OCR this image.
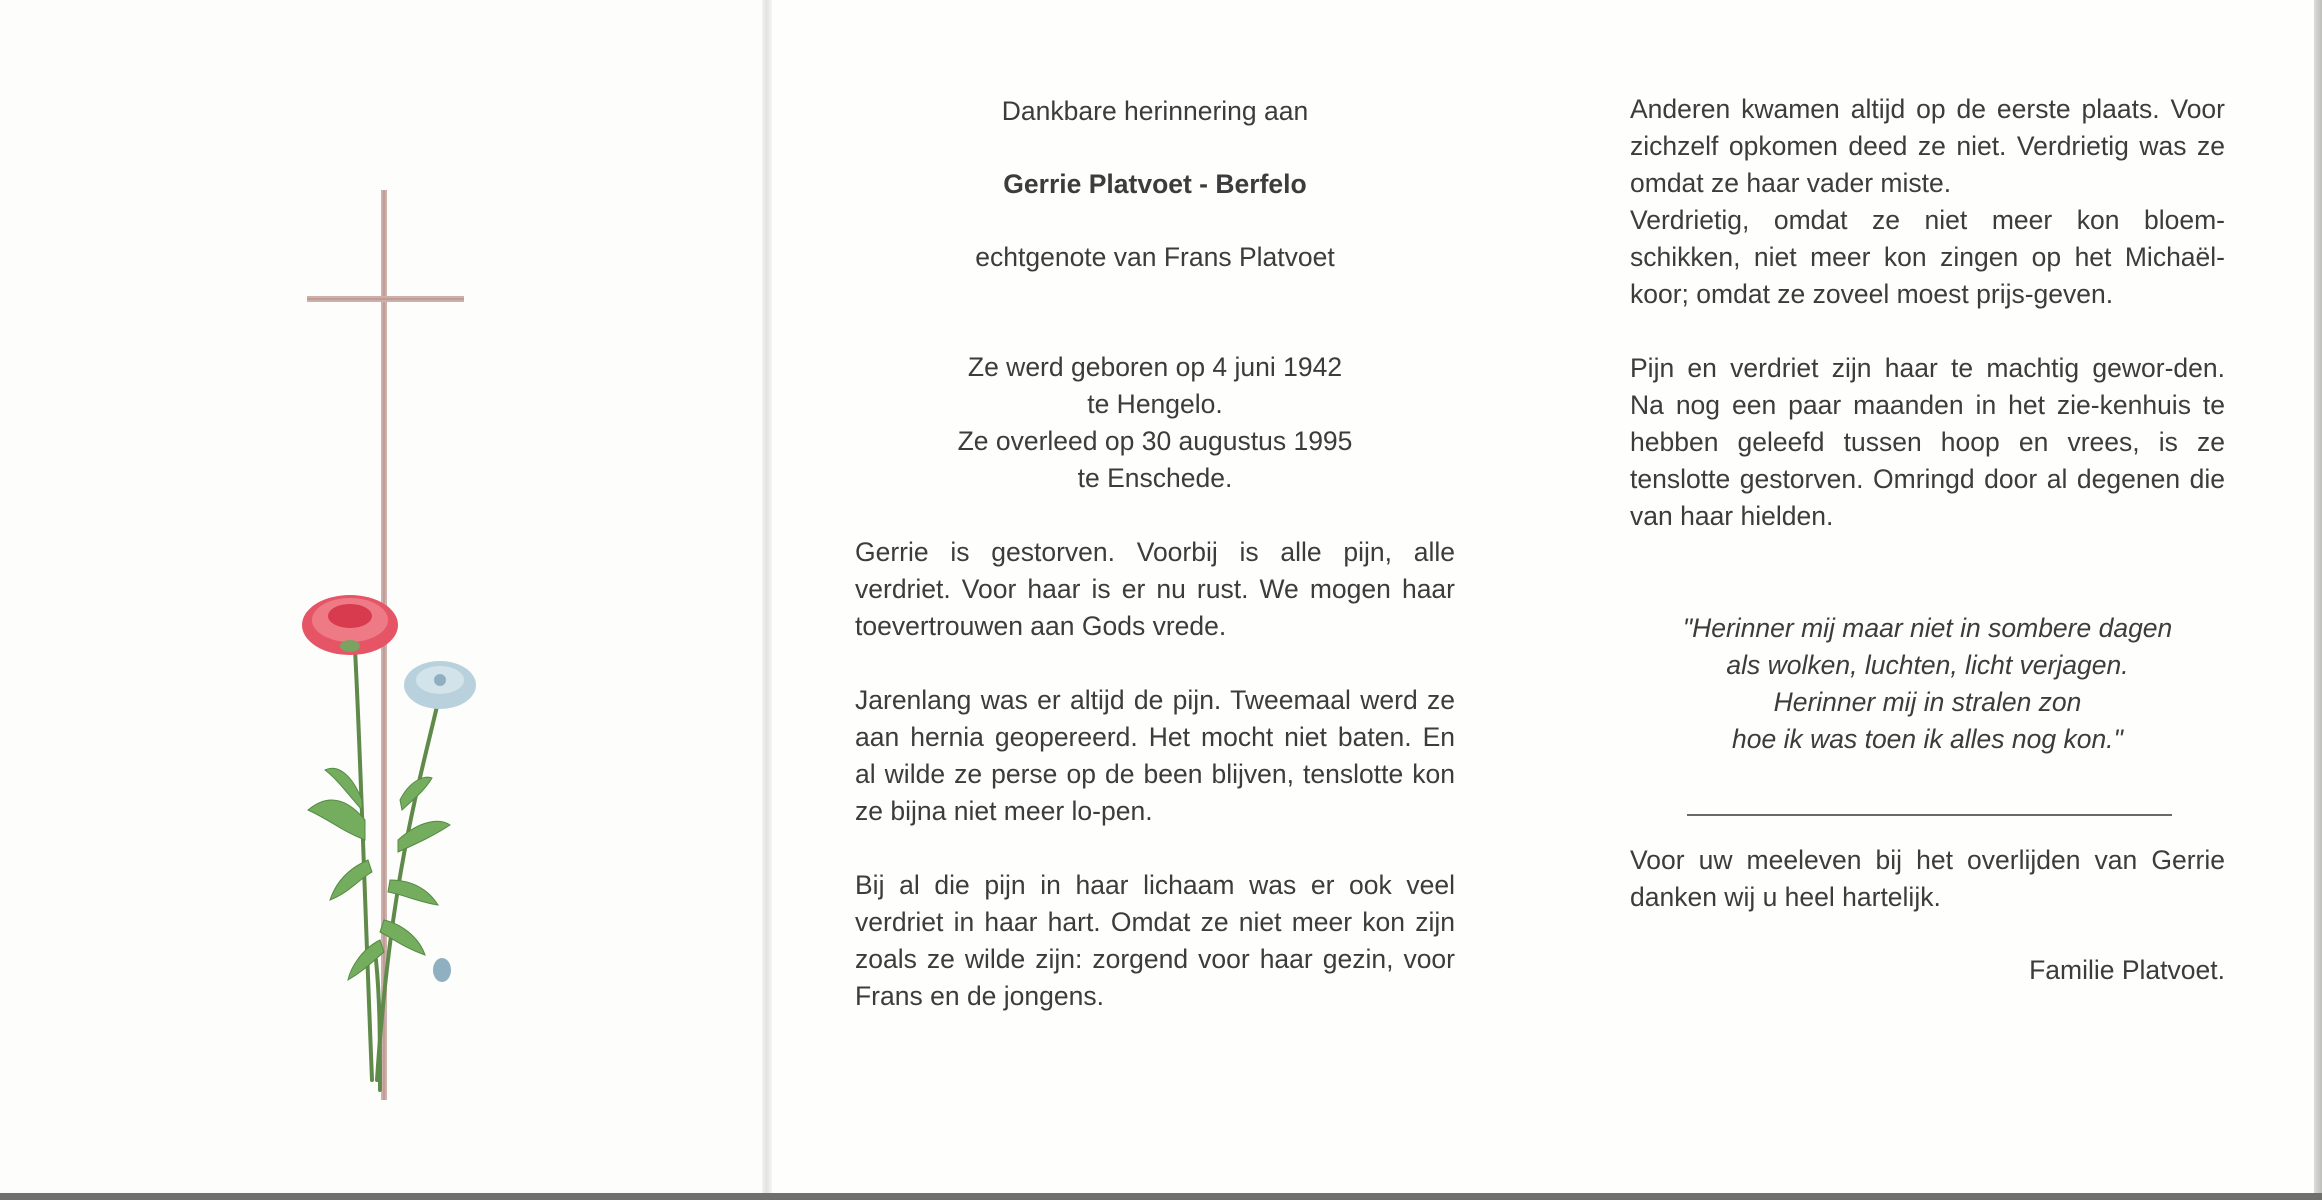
Dankbare herinnering aan

Gerrie Platvoet - Berfelo

echtgenote van Frans Platvoet

Ze werd geboren op 4 juni 1942

te Hengelo.

Ze overleed op 30 augustus 1995

te Enschede.

Gerrie is gestorven. Voorbij is alle pijn, alle verdriet. Voor haar is er nu rust. We mogen haar toevertrouwen aan Gods vrede.

Jarenlang was er altijd de pijn. Tweemaal werd ze aan hernia geopereerd. Het mocht niet baten. En al wilde ze perse op de been blijven, tenslotte kon ze bijna niet meer lo-pen.

Bij al die pijn in haar lichaam was er ook veel verdriet in haar hart. Omdat ze niet meer kon zijn zoals ze wilde zijn: zorgend voor haar gezin, voor Frans en de jongens.

Anderen kwamen altijd op de eerste plaats. Voor zichzelf opkomen deed ze niet. Verdrietig was ze omdat ze haar vader miste.

Verdrietig, omdat ze niet meer kon bloem-schikken, niet meer kon zingen op het Michaël-koor; omdat ze zoveel moest prijs-geven.

Pijn en verdriet zijn haar te machtig gewor-den. Na nog een paar maanden in het zie-kenhuis te hebben geleefd tussen hoop en vrees, is ze tenslotte gestorven. Omringd door al degenen die van haar hielden.

"Herinner mij maar niet in sombere dagen

als wolken, luchten, licht verjagen.

Herinner mij in stralen zon

hoe ik was toen ik alles nog kon."

Voor uw meeleven bij het overlijden van Gerrie danken wij u heel hartelijk.

Familie Platvoet.
